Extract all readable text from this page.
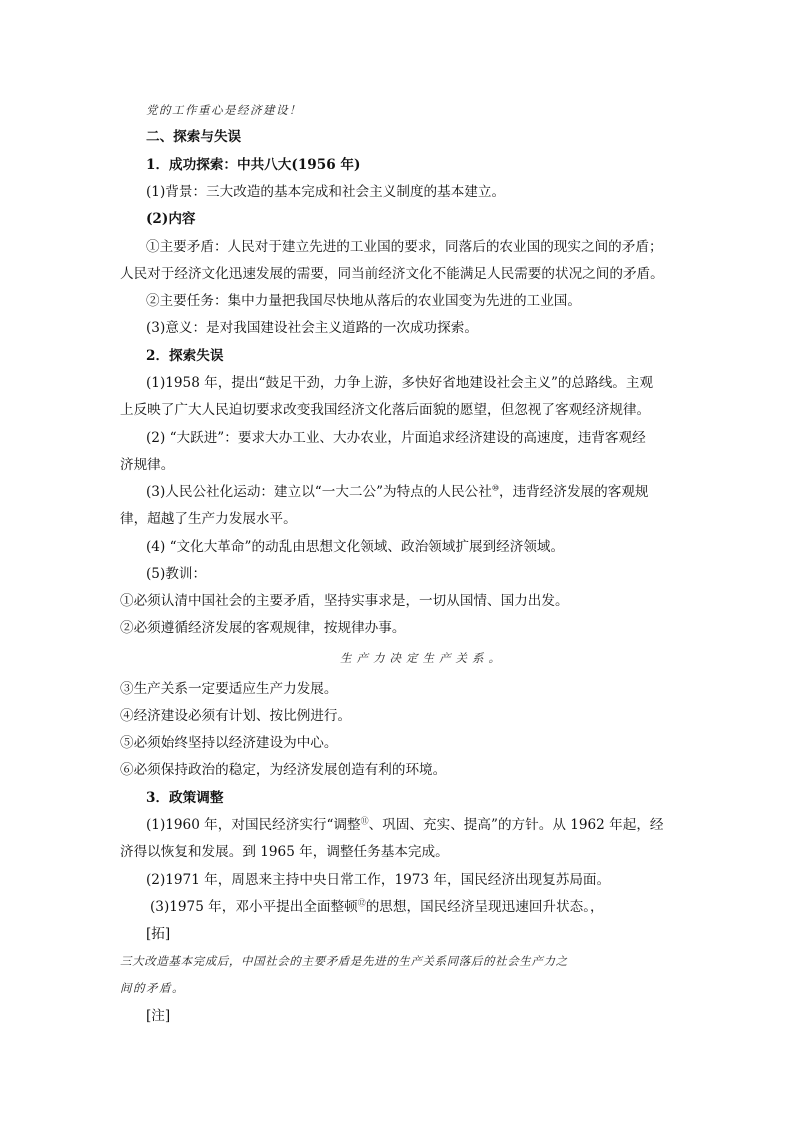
党的工作重心是经济建设！

二、探索与失误

1．成功探索：中共八大(1956 年)

(1)背景：三大改造的基本完成和社会主义制度的基本建立。

(2)内容

①主要矛盾：人民对于建立先进的工业国的要求，同落后的农业国的现实之间的矛盾；

人民对于经济文化迅速发展的需要，同当前经济文化不能满足人民需要的状况之间的矛盾。

②主要任务：集中力量把我国尽快地从落后的农业国变为先进的工业国。

(3)意义：是对我国建设社会主义道路的一次成功探索。

2．探索失误

(1)1958 年，提出“鼓足干劲，力争上游，多快好省地建设社会主义”的总路线。主观

上反映了广大人民迫切要求改变我国经济文化落后面貌的愿望，但忽视了客观经济规律。

(2) “大跃进”：要求大办工业、大办农业，片面追求经济建设的高速度，违背客观经

济规律。

(3)人民公社化运动：建立以“一大二公”为特点的人民公社⑩，违背经济发展的客观规

律，超越了生产力发展水平。

(4) “文化大革命”的动乱由思想文化领域、政治领域扩展到经济领域。

(5)教训：

①必须认清中国社会的主要矛盾，坚持实事求是，一切从国情、国力出发。

②必须遵循经济发展的客观规律，按规律办事。

生产力决定生产关系。

③生产关系一定要适应生产力发展。

④经济建设必须有计划、按比例进行。

⑤必须始终坚持以经济建设为中心。

⑥必须保持政治的稳定，为经济发展创造有利的环境。

3．政策调整

(1)1960 年，对国民经济实行“调整⑪、巩固、充实、提高”的方针。从 1962 年起，经

济得以恢复和发展。到 1965 年，调整任务基本完成。

(2)1971 年，周恩来主持中央日常工作，1973 年，国民经济出现复苏局面。

(3)1975 年，邓小平提出全面整顿⑫的思想，国民经济呈现迅速回升状态。，

[拓]

三大改造基本完成后，中国社会的主要矛盾是先进的生产关系同落后的社会生产力之

间的矛盾。

[注]
